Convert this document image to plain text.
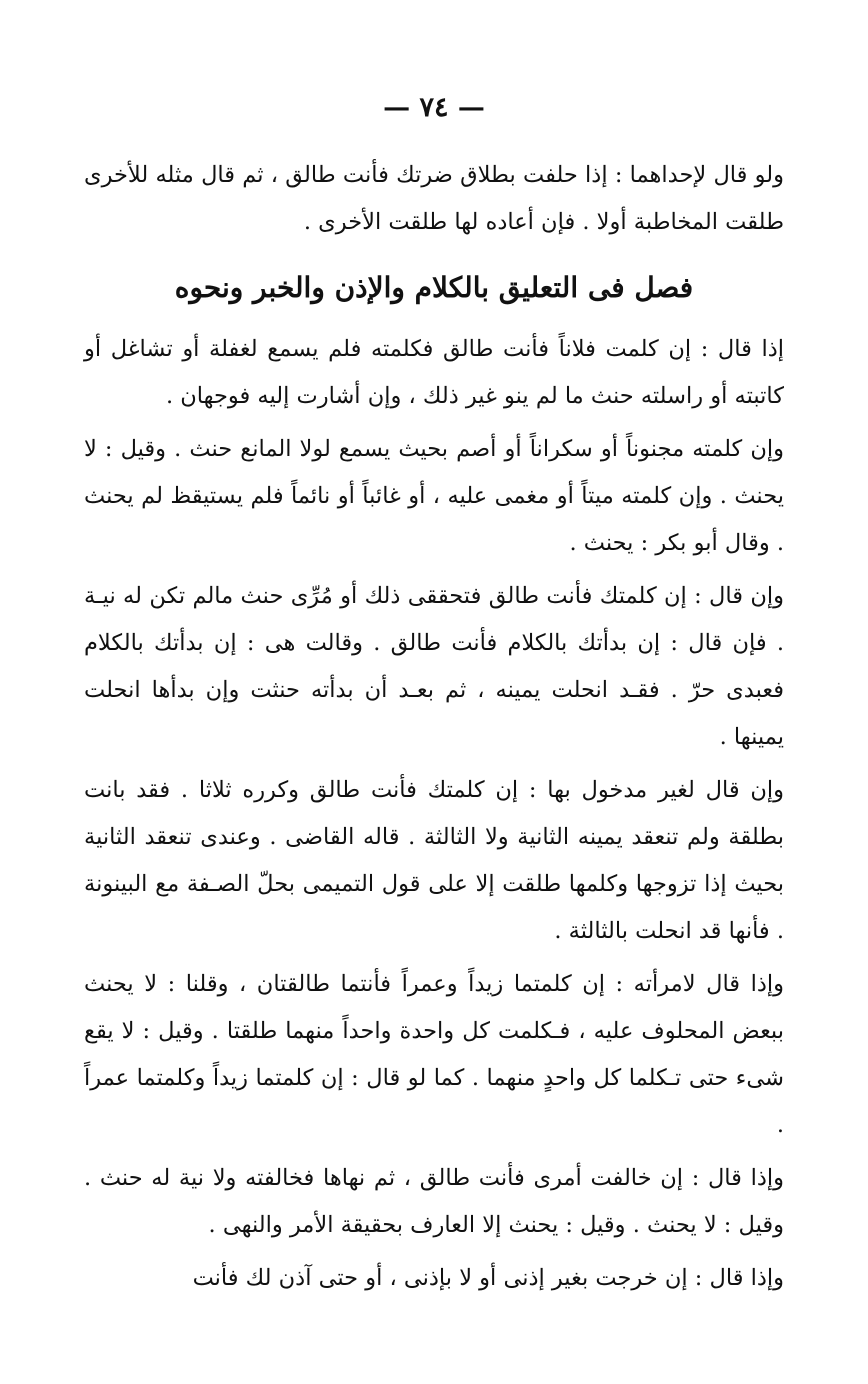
— ٧٤ —

ولو قال لإحداهما : إذا حلفت بطلاق ضرتك فأنت طالق ، ثم قال مثله للأخرى طلقت المخاطبة أولا . فإن أعاده لها طلقت الأخرى .

فصل فى التعليق بالكلام والإذن والخبر ونحوه

إذا قال : إن كلمت فلاناً فأنت طالق فكلمته فلم يسمع لغفلة أو تشاغل أو كاتبته أو راسلته حنث ما لم ينو غير ذلك ، وإن أشارت إليه فوجهان .

وإن كلمته مجنوناً أو سكراناً أو أصم بحيث يسمع لولا المانع حنث . وقيل : لا يحنث . وإن كلمته ميتاً أو مغمى عليه ، أو غائباً أو نائماً فلم يستيقظ لم يحنث . وقال أبو بكر : يحنث .

وإن قال : إن كلمتك فأنت طالق فتحققى ذلك أو مُرِّى حنث مالم تكن له نيـة . فإن قال : إن بدأتك بالكلام فأنت طالق . وقالت هى : إن بدأتك بالكلام فعبدى حرّ . فقـد انحلت يمينه ، ثم بعـد أن بدأته حنثت وإن بدأها انحلت يمينها .

وإن قال لغير مدخول بها : إن كلمتك فأنت طالق وكرره ثلاثا . فقد بانت بطلقة ولم تنعقد يمينه الثانية ولا الثالثة . قاله القاضى . وعندى تنعقد الثانية بحيث إذا تزوجها وكلمها طلقت إلا على قول التميمى بحلّ الصـفة مع البينونة . فأنها قد انحلت بالثالثة .

وإذا قال لامرأته : إن كلمتما زيداً وعمراً فأنتما طالقتان ، وقلنا : لا يحنث ببعض المحلوف عليه ، فـكلمت كل واحدة واحداً منهما طلقتا . وقيل : لا يقع شىء حتى تـكلما كل واحدٍ منهما . كما لو قال : إن كلمتما زيداً وكلمتما عمراً .

وإذا قال : إن خالفت أمرى فأنت طالق ، ثم نهاها فخالفته ولا نية له حنث . وقيل : لا يحنث . وقيل : يحنث إلا العارف بحقيقة الأمر والنهى .

وإذا قال : إن خرجت بغير إذنى أو لا بإذنى ، أو حتى آذن لك فأنت
